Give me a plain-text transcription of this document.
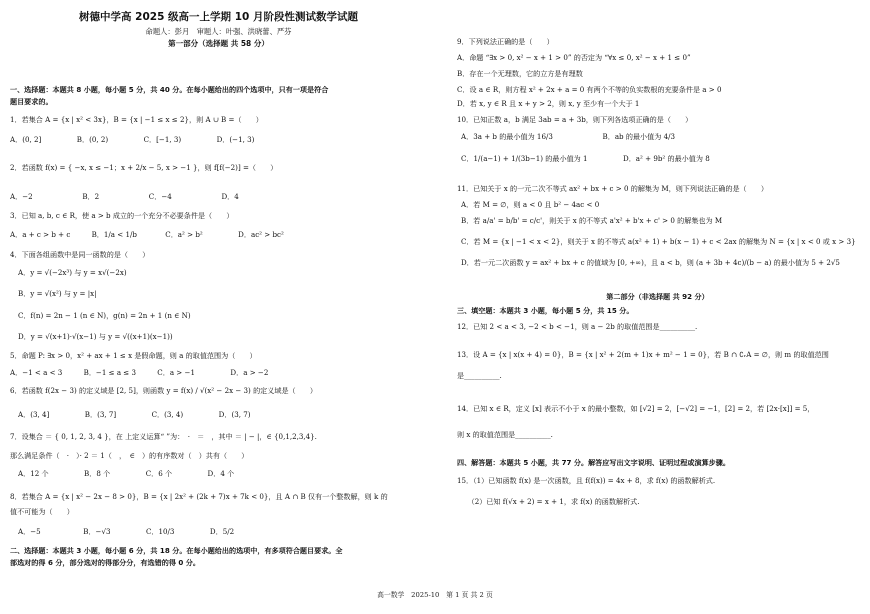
树德中学高 2025 级高一上学期 10 月阶段性测试数学试题
命题人：彭月　审题人：叶强、洪晓蕾、严芬
第一部分（选择题 共 58 分）
一、选择题：本题共 8 小题，每小题 5 分，共 40 分。在每小题给出的四个选项中，只有一项是符合
题目要求的。
1．若集合 A = {x | x² < 3x}，B = {x | −1 ≤ x ≤ 2}，则 A ∪ B =（　　）
A．(0, 2]　　　　　B．(0, 2)　　　　　C．[−1, 3)　　　　　D．(−1, 3)
2．若函数 f(x) = { −x, x ≤ −1；x + 2/x − 5, x > −1 }，则 f[f(−2)] =（　　）
A．−2　　　　　　　B．2　　　　　　　C．−4　　　　　　　D．4
3．已知 a, b, c ∈ R，使 a > b 成立的一个充分不必要条件是（　　）
A．a + c > b + c　　　B．1/a < 1/b　　　　C．a² > b²　　　　　D．ac² > bc²
4．下面各组函数中是同一函数的是（　　）
A．y = √(−2x³) 与 y = x√(−2x)
B．y = √(x²) 与 y = |x|
C．f(n) = 2n − 1 (n ∈ N)，g(n) = 2n + 1 (n ∈ N)
D．y = √(x+1)·√(x−1) 与 y = √((x+1)(x−1))
5．命题 P: ∃x > 0，x² + ax + 1 ≤ x 是假命题，则 a 的取值范围为（　　）
A．−1 < a < 3　　　B．−1 ≤ a ≤ 3　　　C．a > −1　　　　　D．a > −2
6．若函数 f(2x − 3) 的定义域是 [2, 5]，则函数 y = f(x) / √(x² − 2x − 3) 的定义域是（　　）
A．(3, 4]　　　　　B．(3, 7]　　　　　C．(3, 4)　　　　　D．(3, 7)
7．设集合 ＝ { 0, 1, 2, 3, 4 }，在 上定义运算“ ”为：　·　＝　，其中 ＝ | − |，∈ {0,1,2,3,4}.
那么满足条件（　·　）· 2 ＝ 1（　，　∈　）的有序数对（　）共有（　　）
A．12 个　　　　　B．8 个　　　　　C．6 个　　　　　D．4 个
8．若集合 A = {x | x² − 2x − 8 > 0}，B = {x | 2x² + (2k + 7)x + 7k < 0}，且 A ∩ B 仅有一个整数解，则 k 的
值不可能为（　　）
A．−5　　　　　　B．−√3　　　　　C．10/3　　　　　D．5/2
二、选择题：本题共 3 小题，每小题 6 分，共 18 分。在每小题给出的选项中，有多项符合题目要求。全
部选对的得 6 分，部分选对的得部分分，有选错的得 0 分。
9．下列说法正确的是（　　）
A．命题 “∃x > 0, x² − x + 1 > 0” 的否定为 “∀x ≤ 0, x² − x + 1 ≤ 0”
B．存在一个无理数，它的立方是有理数
C．设 a ∈ R，则方程 x² + 2x + a = 0 有两个不等的负实数根的充要条件是 a > 0
D．若 x, y ∈ R 且 x + y > 2，则 x, y 至少有一个大于 1
10．已知正数 a，b 满足 3ab = a + 3b，则下列各选项正确的是（　　）
A．3a + b 的最小值为 16/3　　　　　　　B．ab 的最小值为 4/3
C．1/(a−1) + 1/(3b−1) 的最小值为 1　　　　　D．a² + 9b² 的最小值为 8
11．已知关于 x 的一元二次不等式 ax² + bx + c > 0 的解集为 M，则下列说法正确的是（　　）
A．若 M = ∅，则 a < 0 且 b² − 4ac < 0
B．若 a/a' = b/b' = c/c'，则关于 x 的不等式 a'x² + b'x + c' > 0 的解集也为 M
C．若 M = {x | −1 < x < 2}，则关于 x 的不等式 a(x² + 1) + b(x − 1) + c < 2ax 的解集为 N = {x | x < 0 或 x > 3}
D．若一元二次函数 y = ax² + bx + c 的值域为 [0, +∞)，且 a < b，则 (a + 3b + 4c)/(b − a) 的最小值为 5 + 2√5
第二部分（非选择题 共 92 分）
三、填空题：本题共 3 小题，每小题 5 分，共 15 分。
12．已知 2 < a < 3, −2 < b < −1，则 a − 2b 的取值范围是__________.
13．设 A = {x | x(x + 4) = 0}，B = {x | x² + 2(m + 1)x + m² − 1 = 0}，若 B ∩ ∁ᵣA = ∅，则 m 的取值范围
是__________.
14．已知 x ∈ R，定义 [x] 表示不小于 x 的最小整数，如 [√2] = 2，[−√2] = −1，[2] = 2，若 [2x·[x]] = 5，
则 x 的取值范围是__________.
四、解答题：本题共 5 小题，共 77 分。解答应写出文字说明、证明过程或演算步骤。
15．（1）已知函数 f(x) 是一次函数，且 f(f(x)) = 4x + 8，求 f(x) 的函数解析式.
　　（2）已知 f(√x + 2) = x + 1，求 f(x) 的函数解析式.
高一数学　2025-10　第 1 页 共 2 页
